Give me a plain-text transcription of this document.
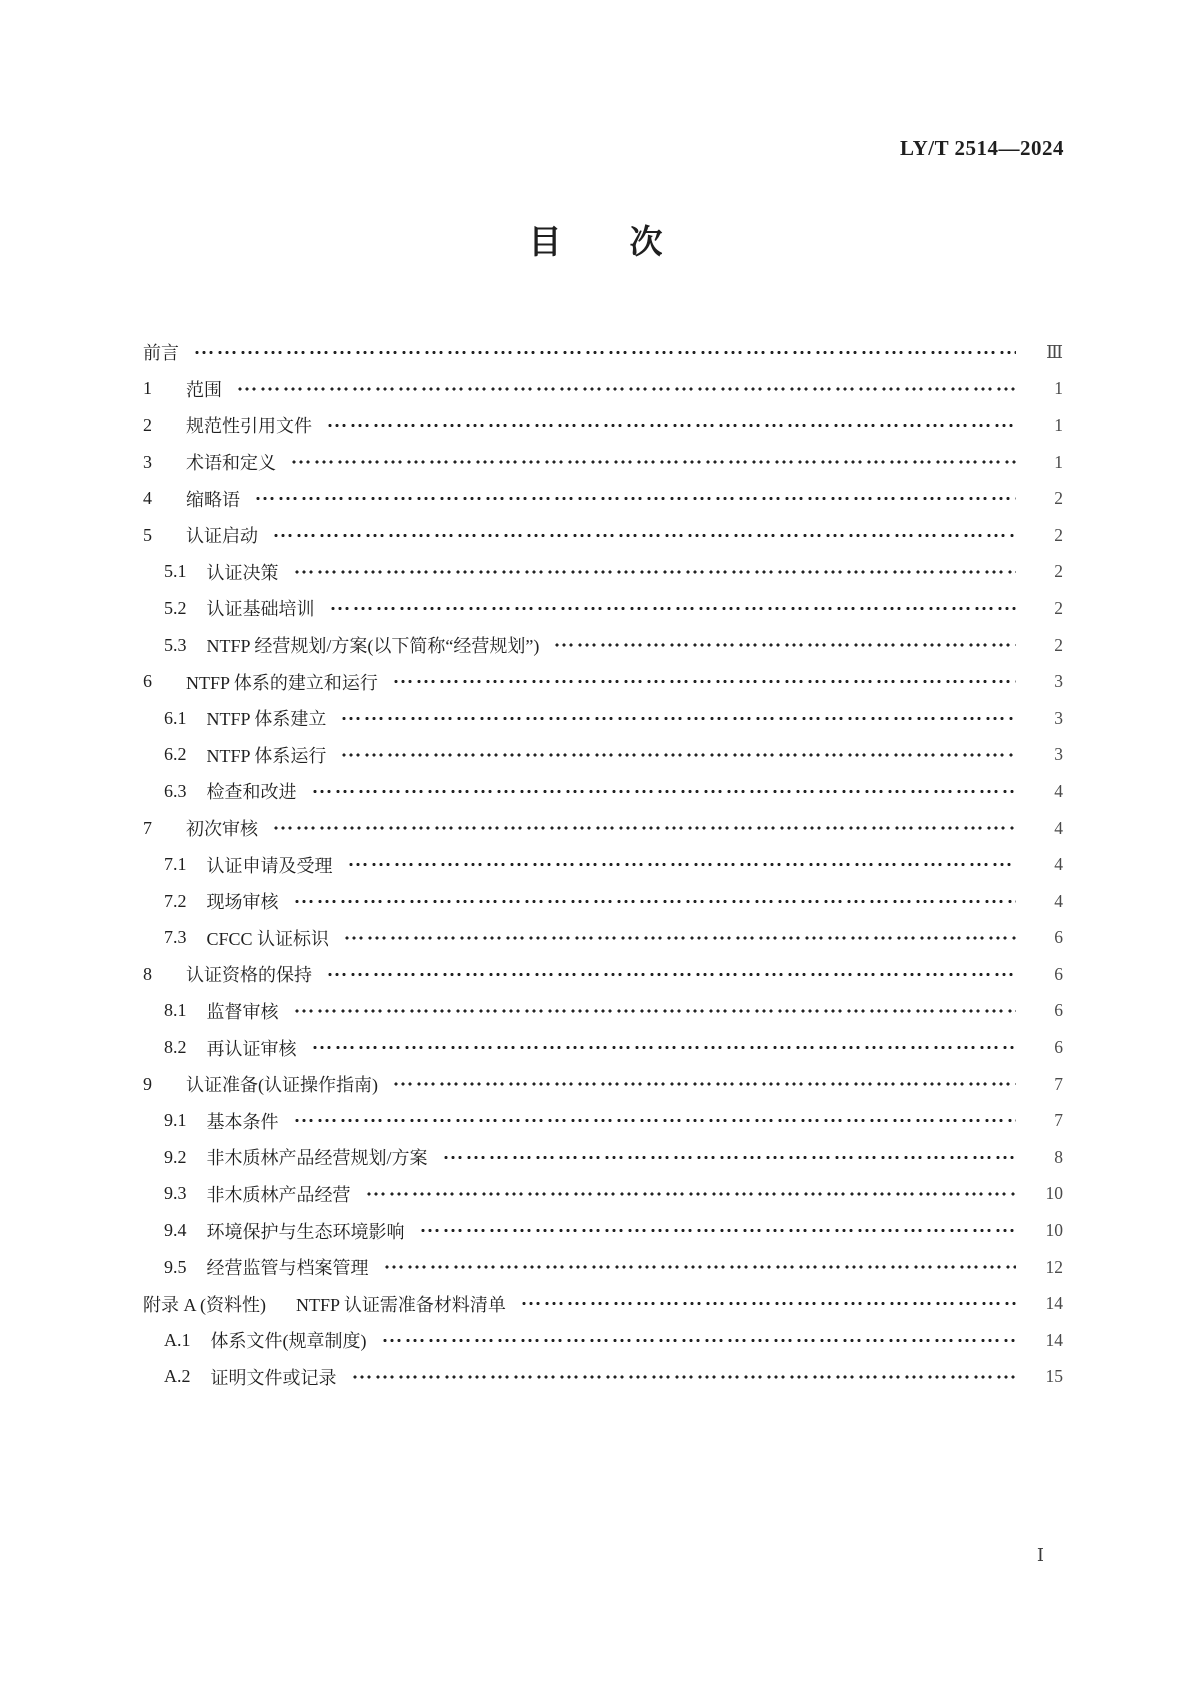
LY/T 2514—2024
目 次
前言	Ⅲ
1	范围	1
2	规范性引用文件	1
3	术语和定义	1
4	缩略语	2
5	认证启动	2
5.1 认证决策	2
5.2 认证基础培训	2
5.3 NTFP 经营规划/方案(以下简称“经营规划”)	2
6	NTFP 体系的建立和运行	3
6.1 NTFP 体系建立	3
6.2 NTFP 体系运行	3
6.3 检查和改进	4
7	初次审核	4
7.1 认证申请及受理	4
7.2 现场审核	4
7.3 CFCC 认证标识	6
8	认证资格的保持	6
8.1 监督审核	6
8.2 再认证审核	6
9	认证准备(认证操作指南)	7
9.1 基本条件	7
9.2 非木质林产品经营规划/方案	8
9.3 非木质林产品经营	10
9.4 环境保护与生态环境影响	10
9.5 经营监管与档案管理	12
附录 A (资料性) NTFP 认证需准备材料清单	14
A.1 体系文件(规章制度)	14
A.2 证明文件或记录	15
Ⅰ
